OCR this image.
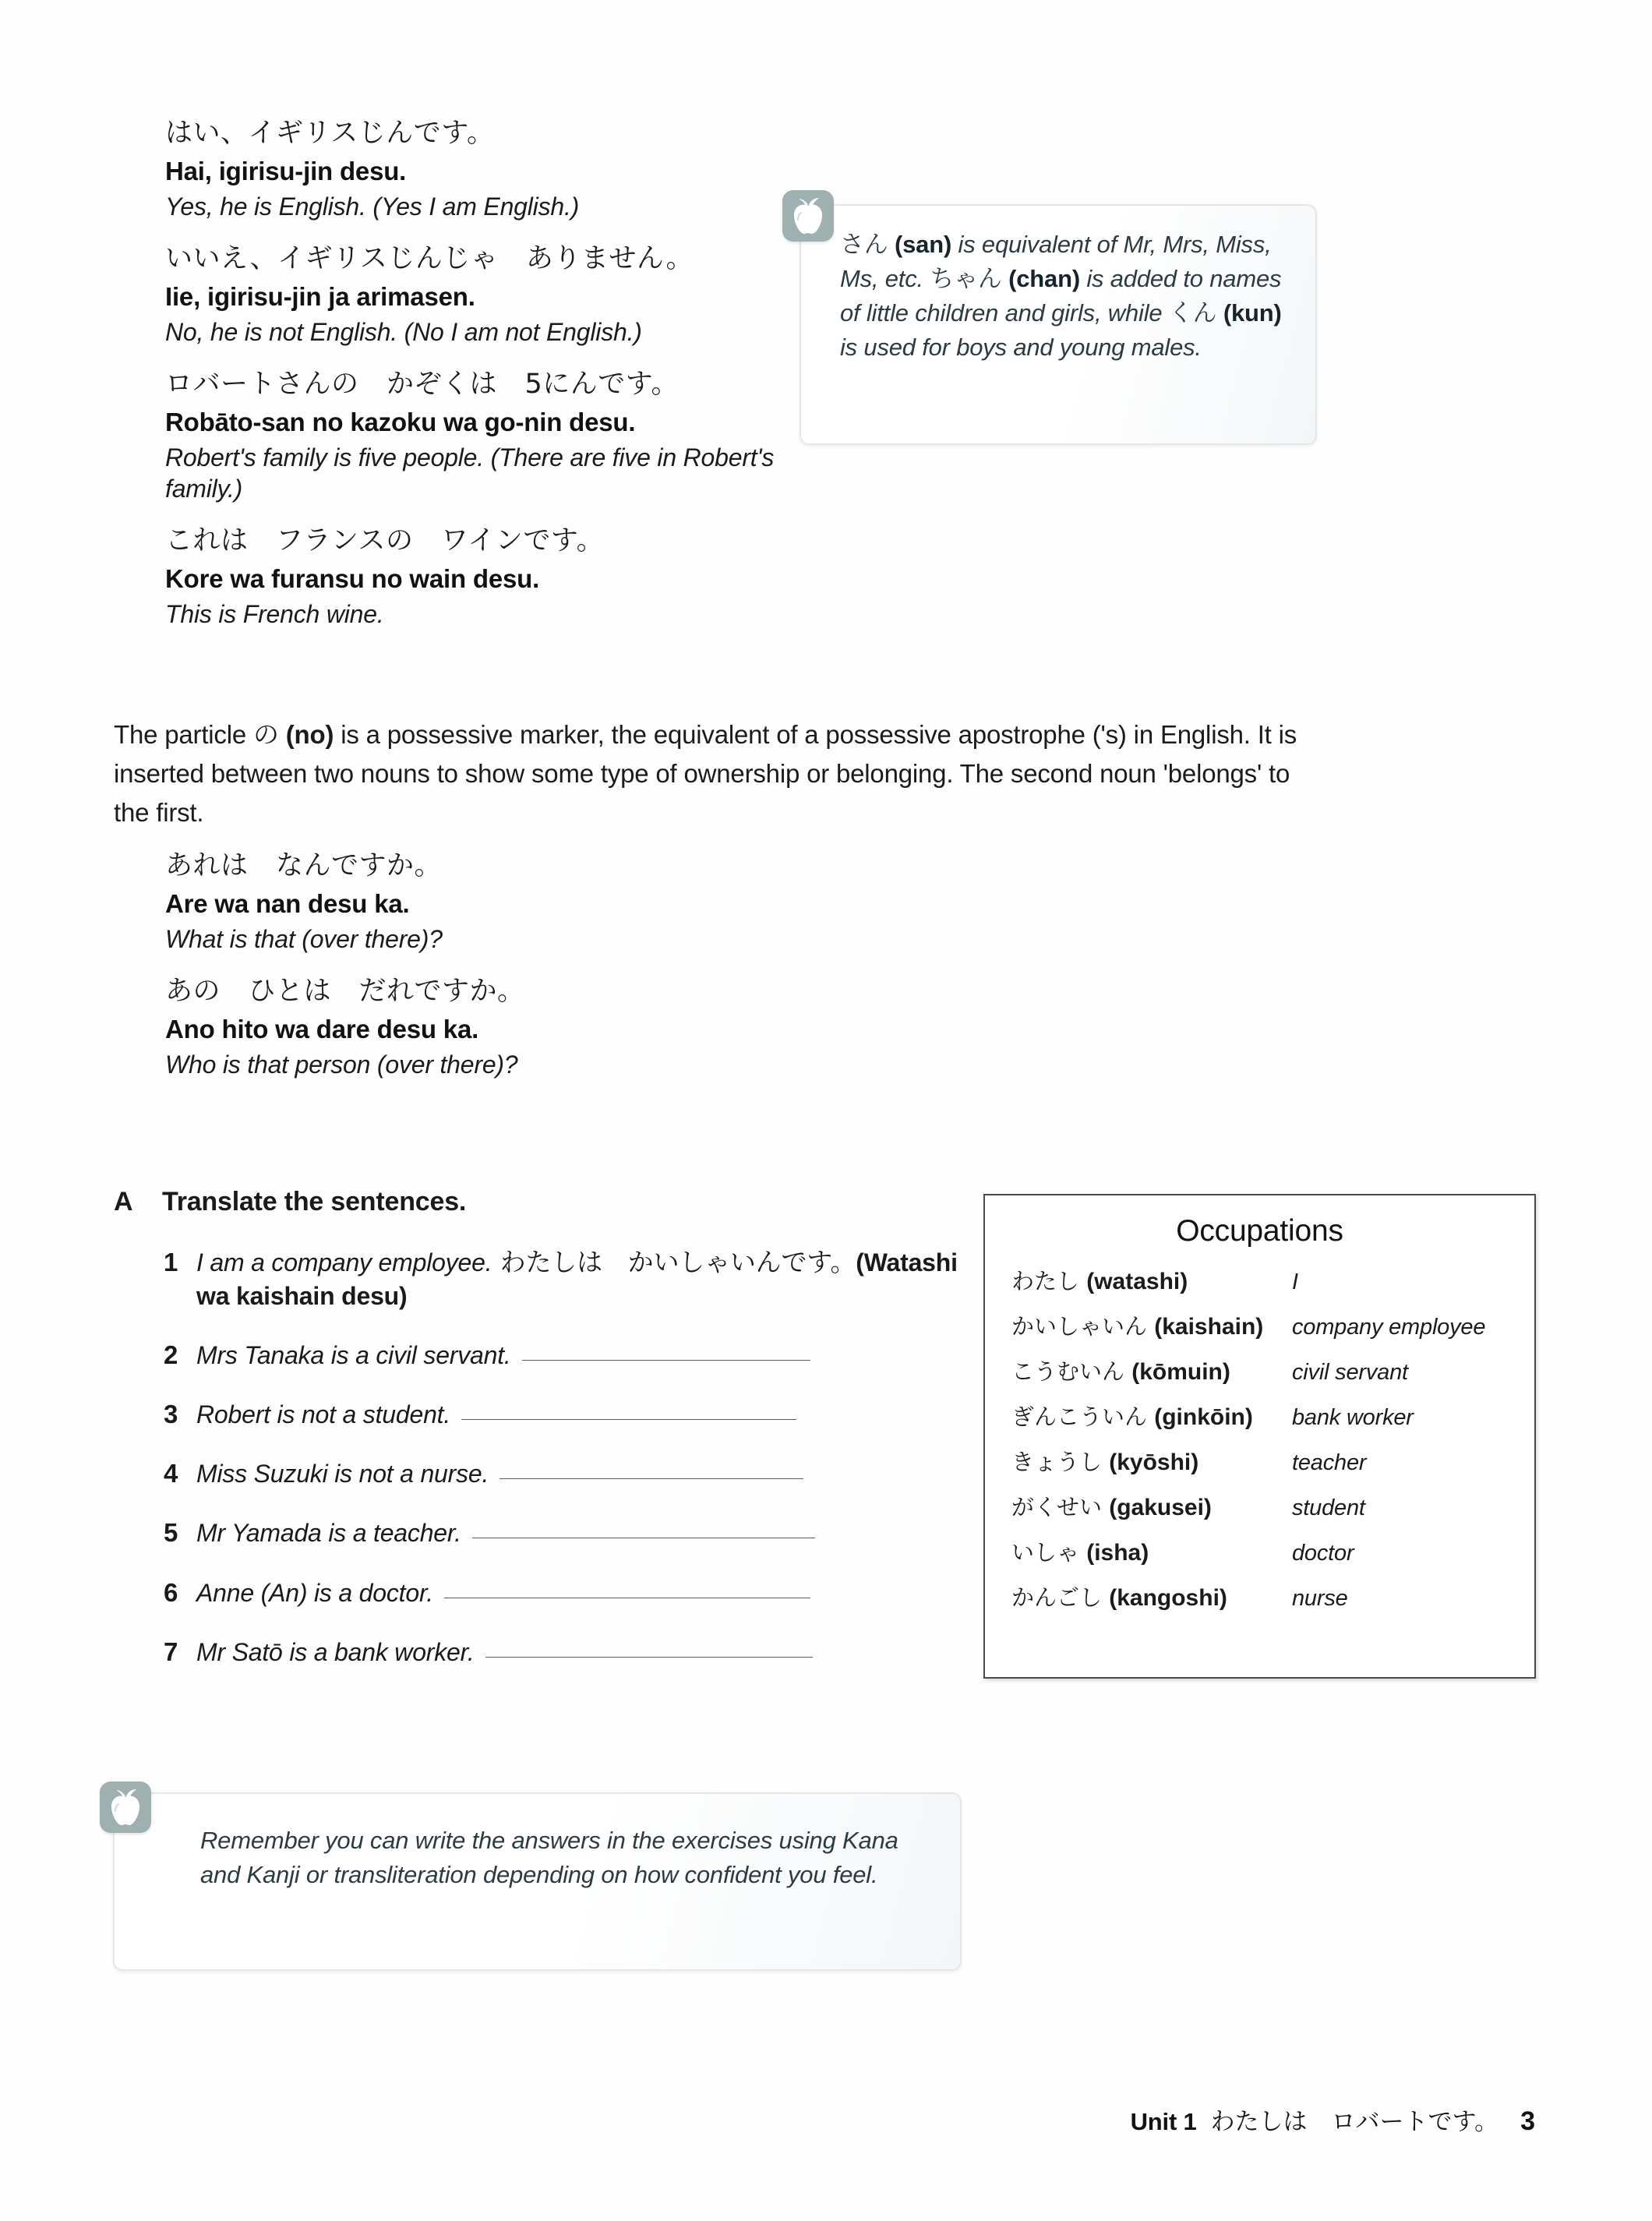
はい、イギリスじんです。
Hai, igirisu-jin desu.
Yes, he is English. (Yes I am English.)
いいえ、イギリスじんじゃ　ありません。
Iie, igirisu-jin ja arimasen.
No, he is not English. (No I am not English.)
ロバートさんの　かぞくは　5にんです。
Robāto-san no kazoku wa go-nin desu.
Robert's family is five people. (There are five in Robert's family.)
これは　フランスの　ワインです。
Kore wa furansu no wain desu.
This is French wine.
さん (san) is equivalent of Mr, Mrs, Miss, Ms, etc. ちゃん (chan) is added to names of little children and girls, while くん (kun) is used for boys and young males.
The particle の (no) is a possessive marker, the equivalent of a possessive apostrophe ('s) in English. It is inserted between two nouns to show some type of ownership or belonging. The second noun 'belongs' to the first.
あれは　なんですか。
Are wa nan desu ka.
What is that (over there)?
あの　ひとは　だれですか。
Ano hito wa dare desu ka.
Who is that person (over there)?
A	Translate the sentences.
1 I am a company employee. わたしは　かいしゃいんです。(Watashi wa kaishain desu)
2 Mrs Tanaka is a civil servant.
3 Robert is not a student.
4 Miss Suzuki is not a nurse.
5 Mr Yamada is a teacher.
6 Anne (An) is a doctor.
7 Mr Satō is a bank worker.
Occupations
わたし (watashi)	I
かいしゃいん (kaishain)	company employee
こうむいん (kōmuin)	civil servant
ぎんこういん (ginkōin)	bank worker
きょうし (kyōshi)	teacher
がくせい (gakusei)	student
いしゃ (isha)	doctor
かんごし (kangoshi)	nurse
Remember you can write the answers in the exercises using Kana and Kanji or transliteration depending on how confident you feel.
Unit 1 わたしは　ロバートです。 3
